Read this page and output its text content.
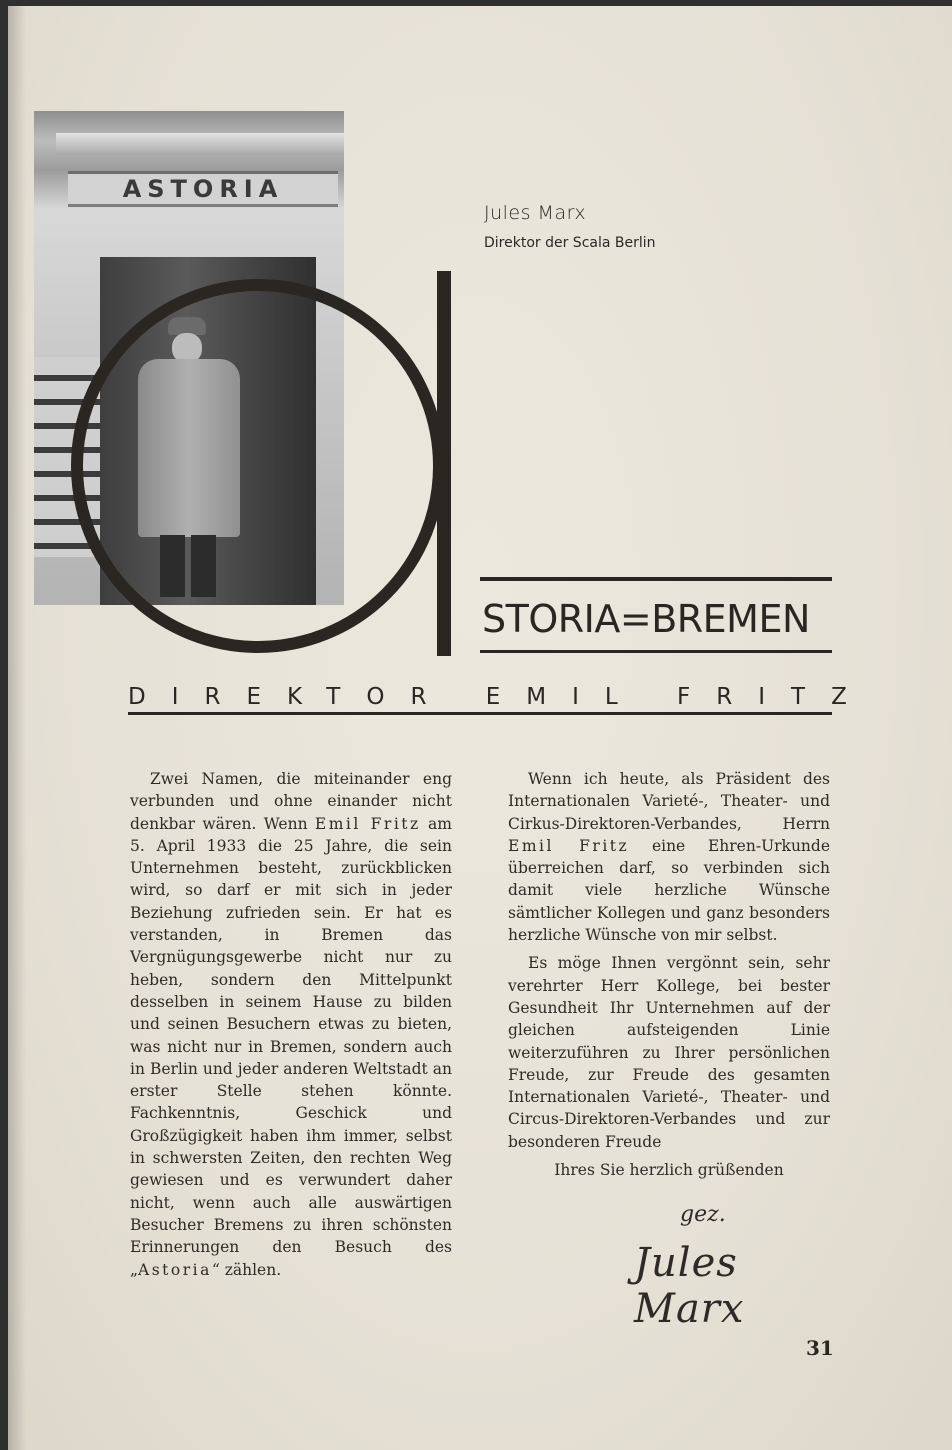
ASTORIA
Jules Marx
Direktor der Scala Berlin
STORIA=BREMEN
DIREKTOR EMIL FRITZ

Zwei Namen, die miteinander eng verbunden und ohne einander nicht denkbar wären. Wenn Emil Fritz am 5. April 1933 die 25 Jahre, die sein Unternehmen besteht, zurückblicken wird, so darf er mit sich in jeder Beziehung zufrieden sein. Er hat es verstanden, in Bremen das Vergnügungsgewerbe nicht nur zu heben, sondern den Mittelpunkt desselben in seinem Hause zu bilden und seinen Besuchern etwas zu bieten, was nicht nur in Bremen, sondern auch in Berlin und jeder anderen Weltstadt an erster Stelle stehen könnte. Fachkenntnis, Geschick und Großzügigkeit haben ihm immer, selbst in schwersten Zeiten, den rechten Weg gewiesen und es verwundert daher nicht, wenn auch alle auswärtigen Besucher Bremens zu ihren schönsten Erinnerungen den Besuch des „Astoria“ zählen.

Wenn ich heute, als Präsident des Internationalen Varieté-, Theater- und Cirkus-Direktoren-Verbandes, Herrn Emil Fritz eine Ehren-Urkunde überreichen darf, so verbinden sich damit viele herzliche Wünsche sämtlicher Kollegen und ganz besonders herzliche Wünsche von mir selbst.

Es möge Ihnen vergönnt sein, sehr verehrter Herr Kollege, bei bester Gesundheit Ihr Unternehmen auf der gleichen aufsteigenden Linie weiterzuführen zu Ihrer persönlichen Freude, zur Freude des gesamten Internationalen Varieté-, Theater- und Circus-Direktoren-Verbandes und zur besonderen Freude

Ihres Sie herzlich grüßenden

gez.
Jules Marx
31
